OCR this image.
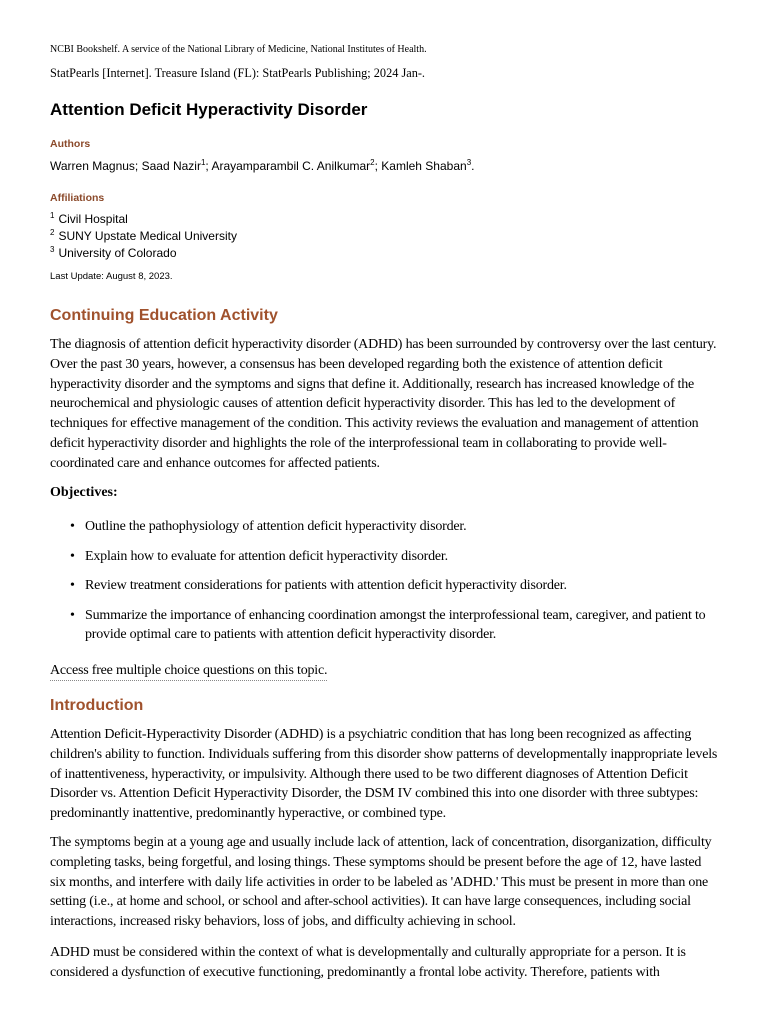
NCBI Bookshelf. A service of the National Library of Medicine, National Institutes of Health.
StatPearls [Internet]. Treasure Island (FL): StatPearls Publishing; 2024 Jan-.
Attention Deficit Hyperactivity Disorder
Authors
Warren Magnus; Saad Nazir$^1$; Arayamparambil C. Anilkumar$^2$; Kamleh Shaban$^3$.
Affiliations
$^1$ Civil Hospital
$^2$ SUNY Upstate Medical University
$^3$ University of Colorado
Last Update: August 8, 2023.
Continuing Education Activity

The diagnosis of attention deficit hyperactivity disorder (ADHD) has been surrounded by controversy over the last century. Over the past 30 years, however, a consensus has been developed regarding both the existence of attention deficit hyperactivity disorder and the symptoms and signs that define it. Additionally, research has increased knowledge of the neurochemical and physiologic causes of attention deficit hyperactivity disorder. This has led to the development of techniques for effective management of the condition. This activity reviews the evaluation and management of attention deficit hyperactivity disorder and highlights the role of the interprofessional team in collaborating to provide well-coordinated care and enhance outcomes for affected patients.

Objectives:
• Outline the pathophysiology of attention deficit hyperactivity disorder.
• Explain how to evaluate for attention deficit hyperactivity disorder.
• Review treatment considerations for patients with attention deficit hyperactivity disorder.
• Summarize the importance of enhancing coordination amongst the interprofessional team, caregiver, and patient to provide optimal care to patients with attention deficit hyperactivity disorder.
Access free multiple choice questions on this topic.
Introduction

Attention Deficit-Hyperactivity Disorder (ADHD) is a psychiatric condition that has long been recognized as affecting children's ability to function. Individuals suffering from this disorder show patterns of developmentally inappropriate levels of inattentiveness, hyperactivity, or impulsivity. Although there used to be two different diagnoses of Attention Deficit Disorder vs. Attention Deficit Hyperactivity Disorder, the DSM IV combined this into one disorder with three subtypes: predominantly inattentive, predominantly hyperactive, or combined type.

The symptoms begin at a young age and usually include lack of attention, lack of concentration, disorganization, difficulty completing tasks, being forgetful, and losing things. These symptoms should be present before the age of 12, have lasted six months, and interfere with daily life activities in order to be labeled as 'ADHD.' This must be present in more than one setting (i.e., at home and school, or school and after-school activities). It can have large consequences, including social interactions, increased risky behaviors, loss of jobs, and difficulty achieving in school.

ADHD must be considered within the context of what is developmentally and culturally appropriate for a person. It is considered a dysfunction of executive functioning, predominantly a frontal lobe activity. Therefore, patients with
